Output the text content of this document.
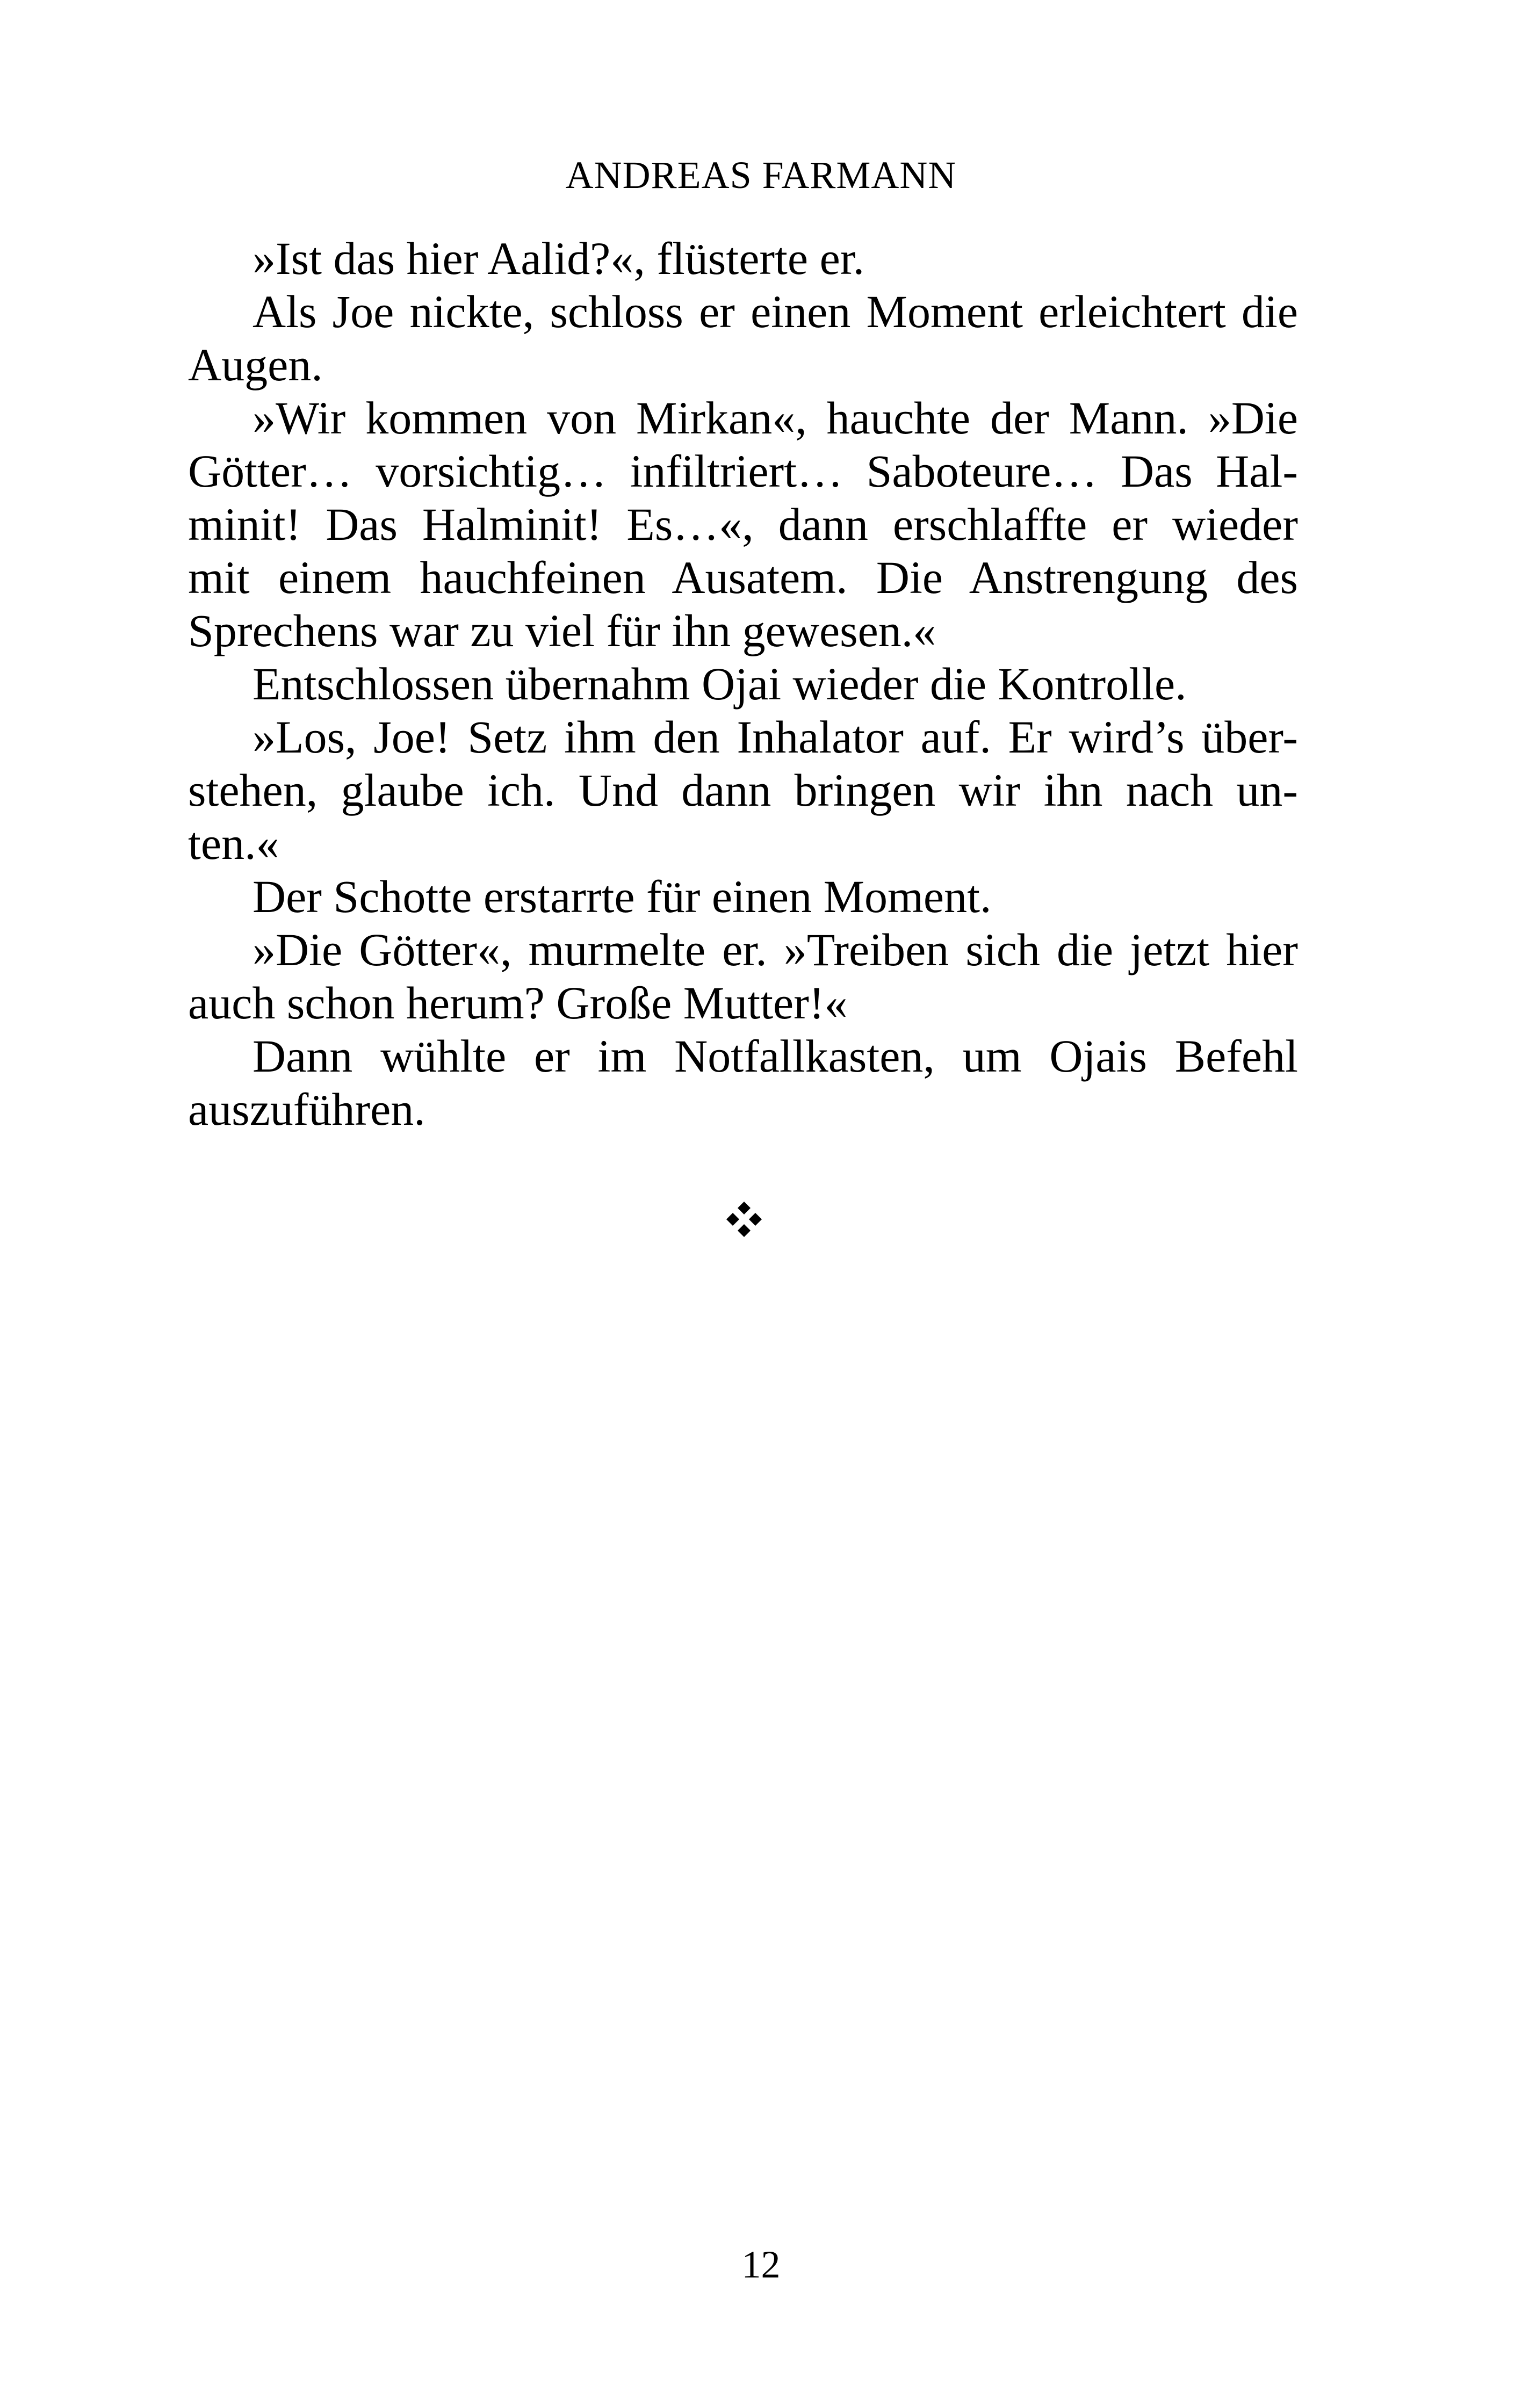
ANDREAS FARMANN
»Ist das hier Aalid?«, flüsterte er.
Als Joe nickte, schloss er einen Moment erleichtert die
Augen.
»Wir kommen von Mirkan«, hauchte der Mann. »Die
Götter… vorsichtig… infiltriert… Saboteure… Das Hal-
minit! Das Halminit! Es…«, dann erschlaffte er wieder
mit einem hauchfeinen Ausatem. Die Anstrengung des
Sprechens war zu viel für ihn gewesen.«
Entschlossen übernahm Ojai wieder die Kontrolle.
»Los, Joe! Setz ihm den Inhalator auf. Er wird’s über-
stehen, glaube ich. Und dann bringen wir ihn nach un-
ten.«
Der Schotte erstarrte für einen Moment.
»Die Götter«, murmelte er. »Treiben sich die jetzt hier
auch schon herum? Große Mutter!«
Dann wühlte er im Notfallkasten, um Ojais Befehl
auszuführen.
12
